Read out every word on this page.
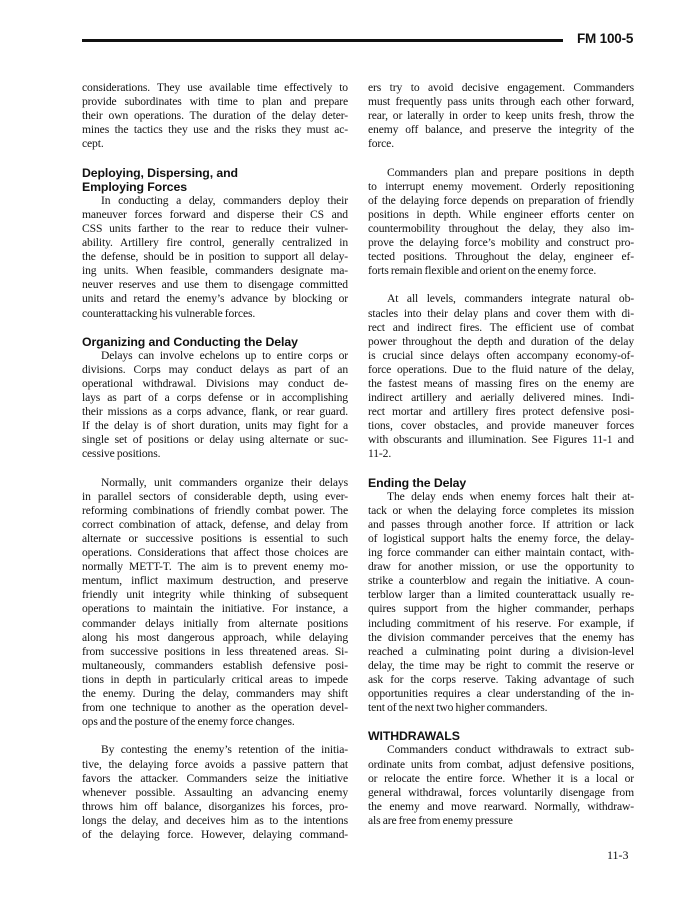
FM 100-5
considerations. They use available time effectively to
provide subordinates with time to plan and prepare
their own operations. The duration of the delay deter-
mines the tactics they use and the risks they must ac-
cept.
Deploying, Dispersing, and
Employing Forces
In conducting a delay, commanders deploy their
maneuver forces forward and disperse their CS and
CSS units farther to the rear to reduce their vulner-
ability. Artillery fire control, generally centralized in
the defense, should be in position to support all delay-
ing units. When feasible, commanders designate ma-
neuver reserves and use them to disengage committed
units and retard the enemy’s advance by blocking or
counterattacking his vulnerable forces.
Organizing and Conducting the Delay
Delays can involve echelons up to entire corps or
divisions. Corps may conduct delays as part of an
operational withdrawal. Divisions may conduct de-
lays as part of a corps defense or in accomplishing
their missions as a corps advance, flank, or rear guard.
If the delay is of short duration, units may fight for a
single set of positions or delay using alternate or suc-
cessive positions.
Normally, unit commanders organize their delays
in parallel sectors of considerable depth, using ever-
reforming combinations of friendly combat power. The
correct combination of attack, defense, and delay from
alternate or successive positions is essential to such
operations. Considerations that affect those choices are
normally METT-T. The aim is to prevent enemy mo-
mentum, inflict maximum destruction, and preserve
friendly unit integrity while thinking of subsequent
operations to maintain the initiative. For instance, a
commander delays initially from alternate positions
along his most dangerous approach, while delaying
from successive positions in less threatened areas. Si-
multaneously, commanders establish defensive posi-
tions in depth in particularly critical areas to impede
the enemy. During the delay, commanders may shift
from one technique to another as the operation devel-
ops and the posture of the enemy force changes.
By contesting the enemy’s retention of the initia-
tive, the delaying force avoids a passive pattern that
favors the attacker. Commanders seize the initiative
whenever possible. Assaulting an advancing enemy
throws him off balance, disorganizes his forces, pro-
longs the delay, and deceives him as to the intentions
of the delaying force. However, delaying command-
ers try to avoid decisive engagement. Commanders
must frequently pass units through each other forward,
rear, or laterally in order to keep units fresh, throw the
enemy off balance, and preserve the integrity of the
force.
Commanders plan and prepare positions in depth
to interrupt enemy movement. Orderly repositioning
of the delaying force depends on preparation of friendly
positions in depth. While engineer efforts center on
countermobility throughout the delay, they also im-
prove the delaying force’s mobility and construct pro-
tected positions. Throughout the delay, engineer ef-
forts remain flexible and orient on the enemy force.
At all levels, commanders integrate natural ob-
stacles into their delay plans and cover them with di-
rect and indirect fires. The efficient use of combat
power throughout the depth and duration of the delay
is crucial since delays often accompany economy-of-
force operations. Due to the fluid nature of the delay,
the fastest means of massing fires on the enemy are
indirect artillery and aerially delivered mines. Indi-
rect mortar and artillery fires protect defensive posi-
tions, cover obstacles, and provide maneuver forces
with obscurants and illumination. See Figures 11-1 and
11-2.
Ending the Delay
The delay ends when enemy forces halt their at-
tack or when the delaying force completes its mission
and passes through another force. If attrition or lack
of logistical support halts the enemy force, the delay-
ing force commander can either maintain contact, with-
draw for another mission, or use the opportunity to
strike a counterblow and regain the initiative. A coun-
terblow larger than a limited counterattack usually re-
quires support from the higher commander, perhaps
including commitment of his reserve. For example, if
the division commander perceives that the enemy has
reached a culminating point during a division-level
delay, the time may be right to commit the reserve or
ask for the corps reserve. Taking advantage of such
opportunities requires a clear understanding of the in-
tent of the next two higher commanders.
WITHDRAWALS
Commanders conduct withdrawals to extract sub-
ordinate units from combat, adjust defensive positions,
or relocate the entire force. Whether it is a local or
general withdrawal, forces voluntarily disengage from
the enemy and move rearward. Normally, withdraw-
als are free from enemy pressure
11-3
